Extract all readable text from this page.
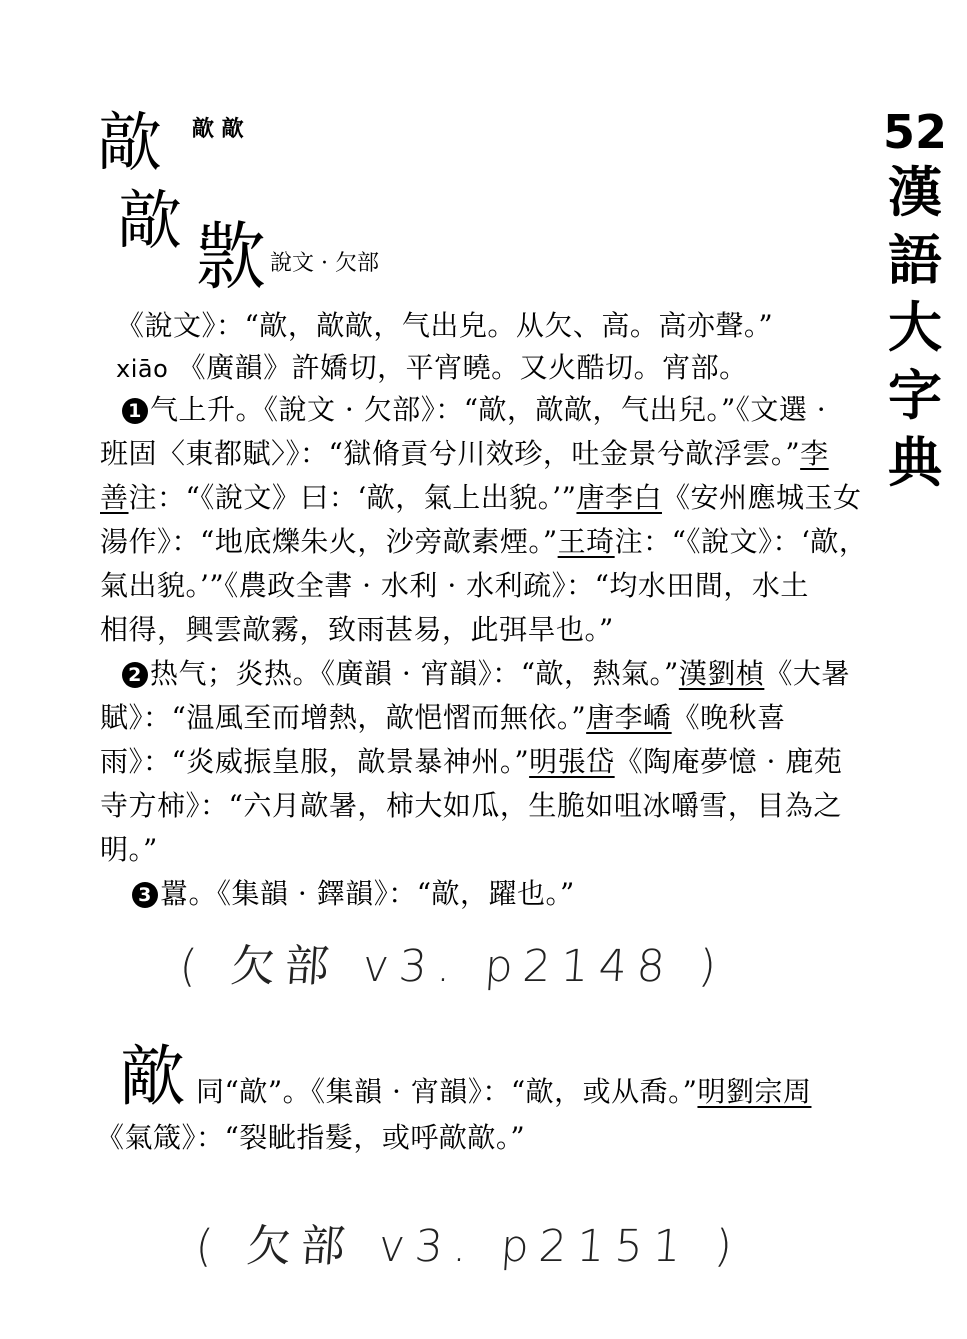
52
漢
語
大
字
典
歊 歊 歊
歊 㱁 說文 · 欠部
《說文》：“歊，歊歊，气出皃。从欠、高。高亦聲。”
xiāo 《廣韻》許嬌切，平宵曉。又火酷切。宵部。
1 气上升。《說文 · 欠部》：“歊，歊歊，气出兒。”《文選 ·
班固〈東都賦〉》：“獄脩貢兮川效珍，吐金景兮歊浮雲。”李
善注：“《說文》曰：‘歊，氣上出貌。’”唐李白《安州應城玉女
湯作》：“地底爍朱火，沙旁歊素煙。”王琦注：“《說文》：‘歊，
氣出貌。’”《農政全書 · 水利 · 水利疏》：“均水田間，水土
相得，興雲歊霧，致雨甚易，此弭旱也。”
2 热气；炎热。《廣韻 · 宵韻》：“歊，熱氣。”漢劉楨《大暑
賦》：“温風至而增熱，歊悒慴而無依。”唐李嶠《晚秋喜
雨》：“炎威振皇服，歊景暴神州。”明張岱《陶庵夢憶 · 鹿苑
寺方柿》：“六月歊暑，柿大如瓜，生脆如咀冰嚼雪，目為之
明。”
3 囂。《集韻 · 鐸韻》：“歊，躍也。”
( 欠部 v3. p2148 )
歒 同“歊”。《集韻 · 宵韻》：“歊，或从喬。”明劉宗周
《氣箴》：“裂眦指髮，或呼歊歊。”
( 欠部 v3. p2151 )
